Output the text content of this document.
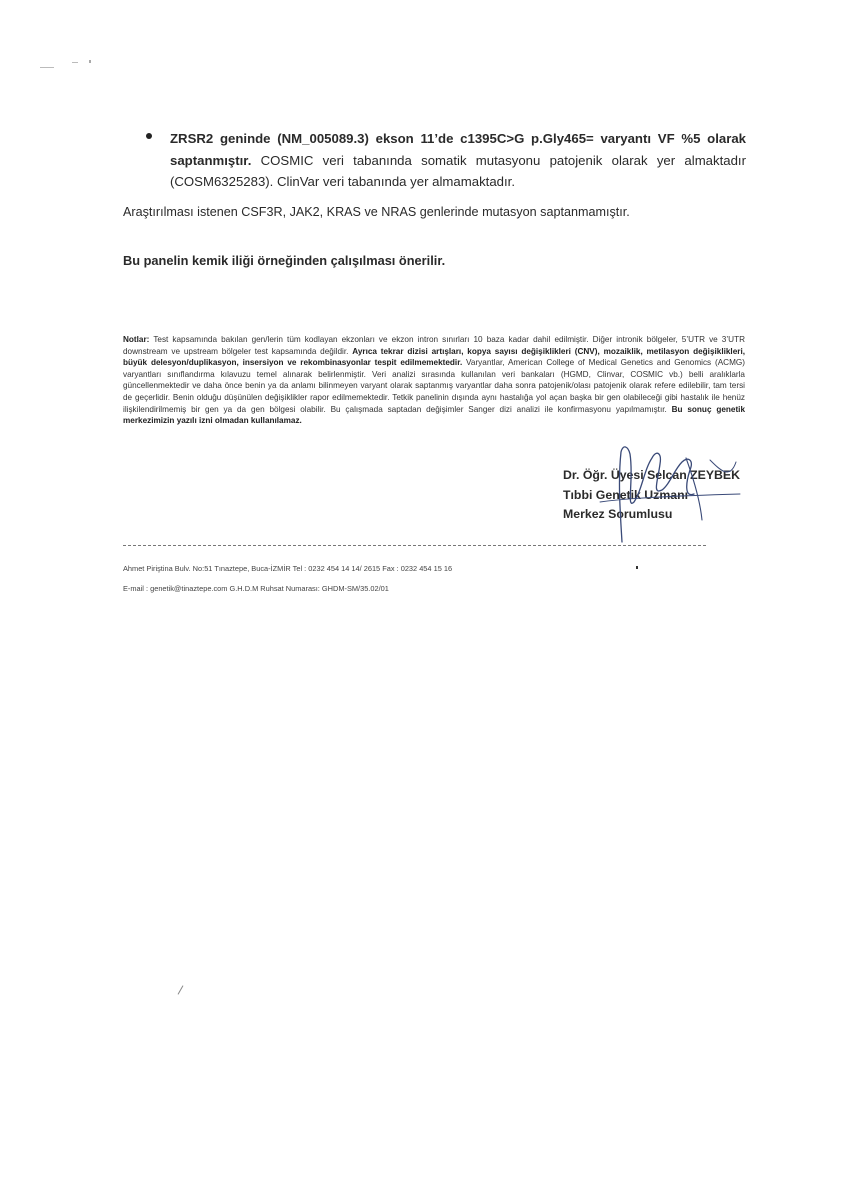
ZRSR2 geninde (NM_005089.3) ekson 11’de c1395C>G p.Gly465= varyantı VF %5 olarak saptanmıştır. COSMIC veri tabanında somatik mutasyonu patojenik olarak yer almaktadır (COSM6325283). ClinVar veri tabanında yer almamaktadır.
Araştırılması istenen CSF3R, JAK2, KRAS ve NRAS genlerinde mutasyon saptanmamıştır.
Bu panelin kemik iliği örneğinden çalışılması önerilir.
Notlar: Test kapsamında bakılan gen/lerin tüm kodlayan ekzonları ve ekzon intron sınırları 10 baza kadar dahil edilmiştir. Diğer intronik bölgeler, 5’UTR ve 3’UTR downstream ve upstream bölgeler test kapsamında değildir. Ayrıca tekrar dizisi artışları, kopya sayısı değişiklikleri (CNV), mozaiklik, metilasyon değişiklikleri, büyük delesyon/duplikasyon, insersiyon ve rekombinasyonlar tespit edilmemektedir. Varyantlar, American College of Medical Genetics and Genomics (ACMG) varyantları sınıflandırma kılavuzu temel alınarak belirlenmiştir. Veri analizi sırasında kullanılan veri bankaları (HGMD, Clinvar, COSMIC vb.) belli aralıklarla güncellenmektedir ve daha önce benin ya da anlamı bilinmeyen varyant olarak saptanmış varyantlar daha sonra patojenik/olası patojenik olarak refere edilebilir, tam tersi de geçerlidir. Benin olduğu düşünülen değişiklikler rapor edilmemektedir. Tetkik panelinin dışında aynı hastalığa yol açan başka bir gen olabileceği gibi hastalık ile henüz ilişkilendirilmemiş bir gen ya da gen bölgesi olabilir. Bu çalışmada saptadan değişimler Sanger dizi analizi ile konfirmasyonu yapılmamıştır. Bu sonuç genetik merkezimizin yazılı izni olmadan kullanılamaz.
Dr. Öğr. Üyesi Selcan ZEYBEK
Tıbbi Genetik Uzmanı
Merkez Sorumlusu
Ahmet Piriştina Bulv. No:51 Tınaztepe, Buca-İZMİR Tel : 0232 454 14 14/ 2615 Fax : 0232 454 15 16
E-mail : genetik@tinaztepe.com G.H.D.M Ruhsat Numarası: GHDM-SM/35.02/01
